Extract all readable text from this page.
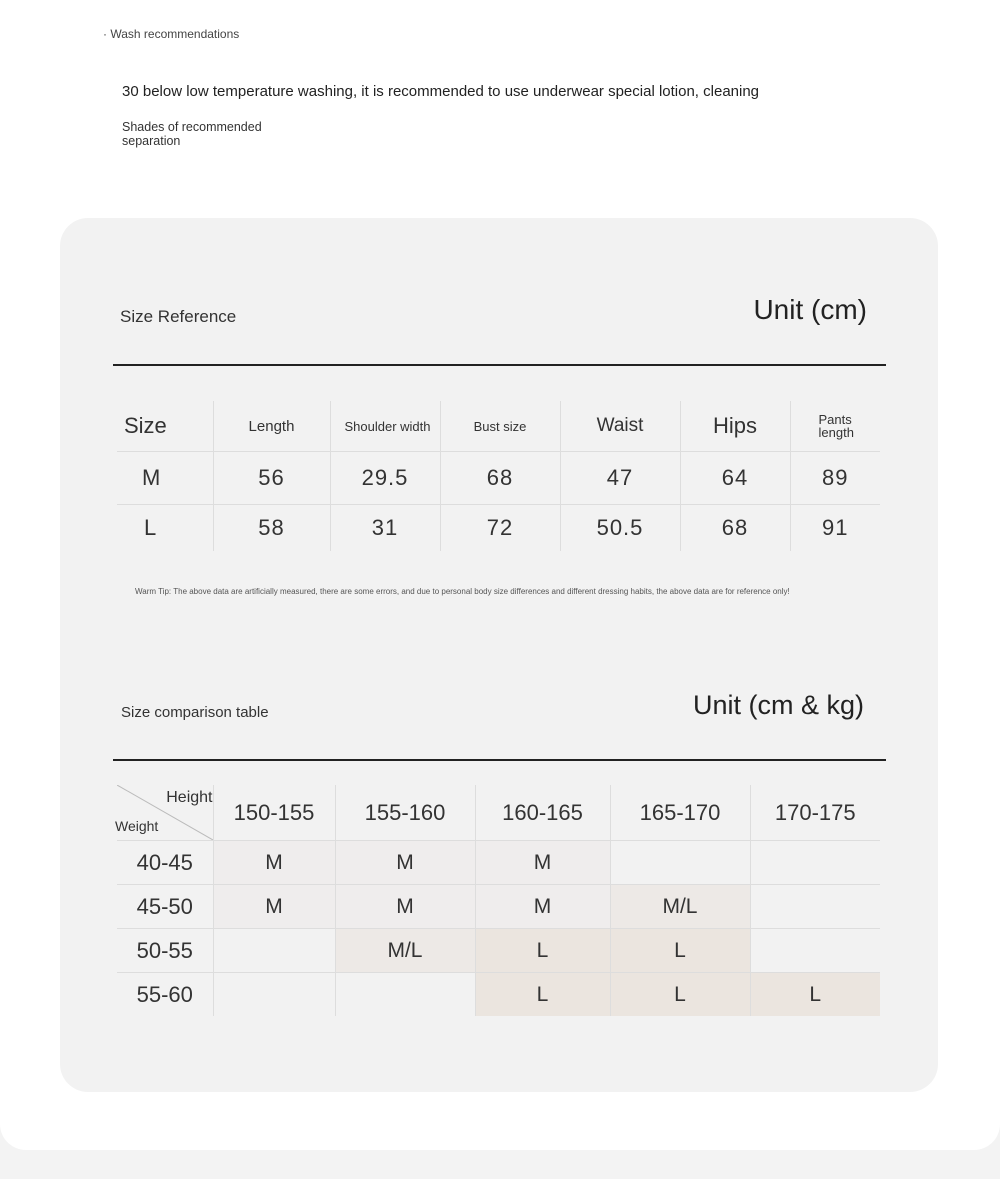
· Wash recommendations
30 below low temperature washing, it is recommended to use underwear special lotion, cleaning
Shades of recommended separation
Size Reference	Unit (cm)
Size	Length	Shoulder width	Bust size	Waist	Hips	Pants length
M	56	29.5	68	47	64	89
L	58	31	72	50.5	68	91
Warm Tip: The above data are artificially measured, there are some errors, and due to personal body size differences and different dressing habits, the above data are for reference only!
Size comparison table	Unit (cm & kg)
Height
Weight	150-155	155-160	160-165	165-170	170-175
40-45	M	M	M		
45-50	M	M	M	M/L	
50-55		M/L	L	L	
55-60			L	L	L
